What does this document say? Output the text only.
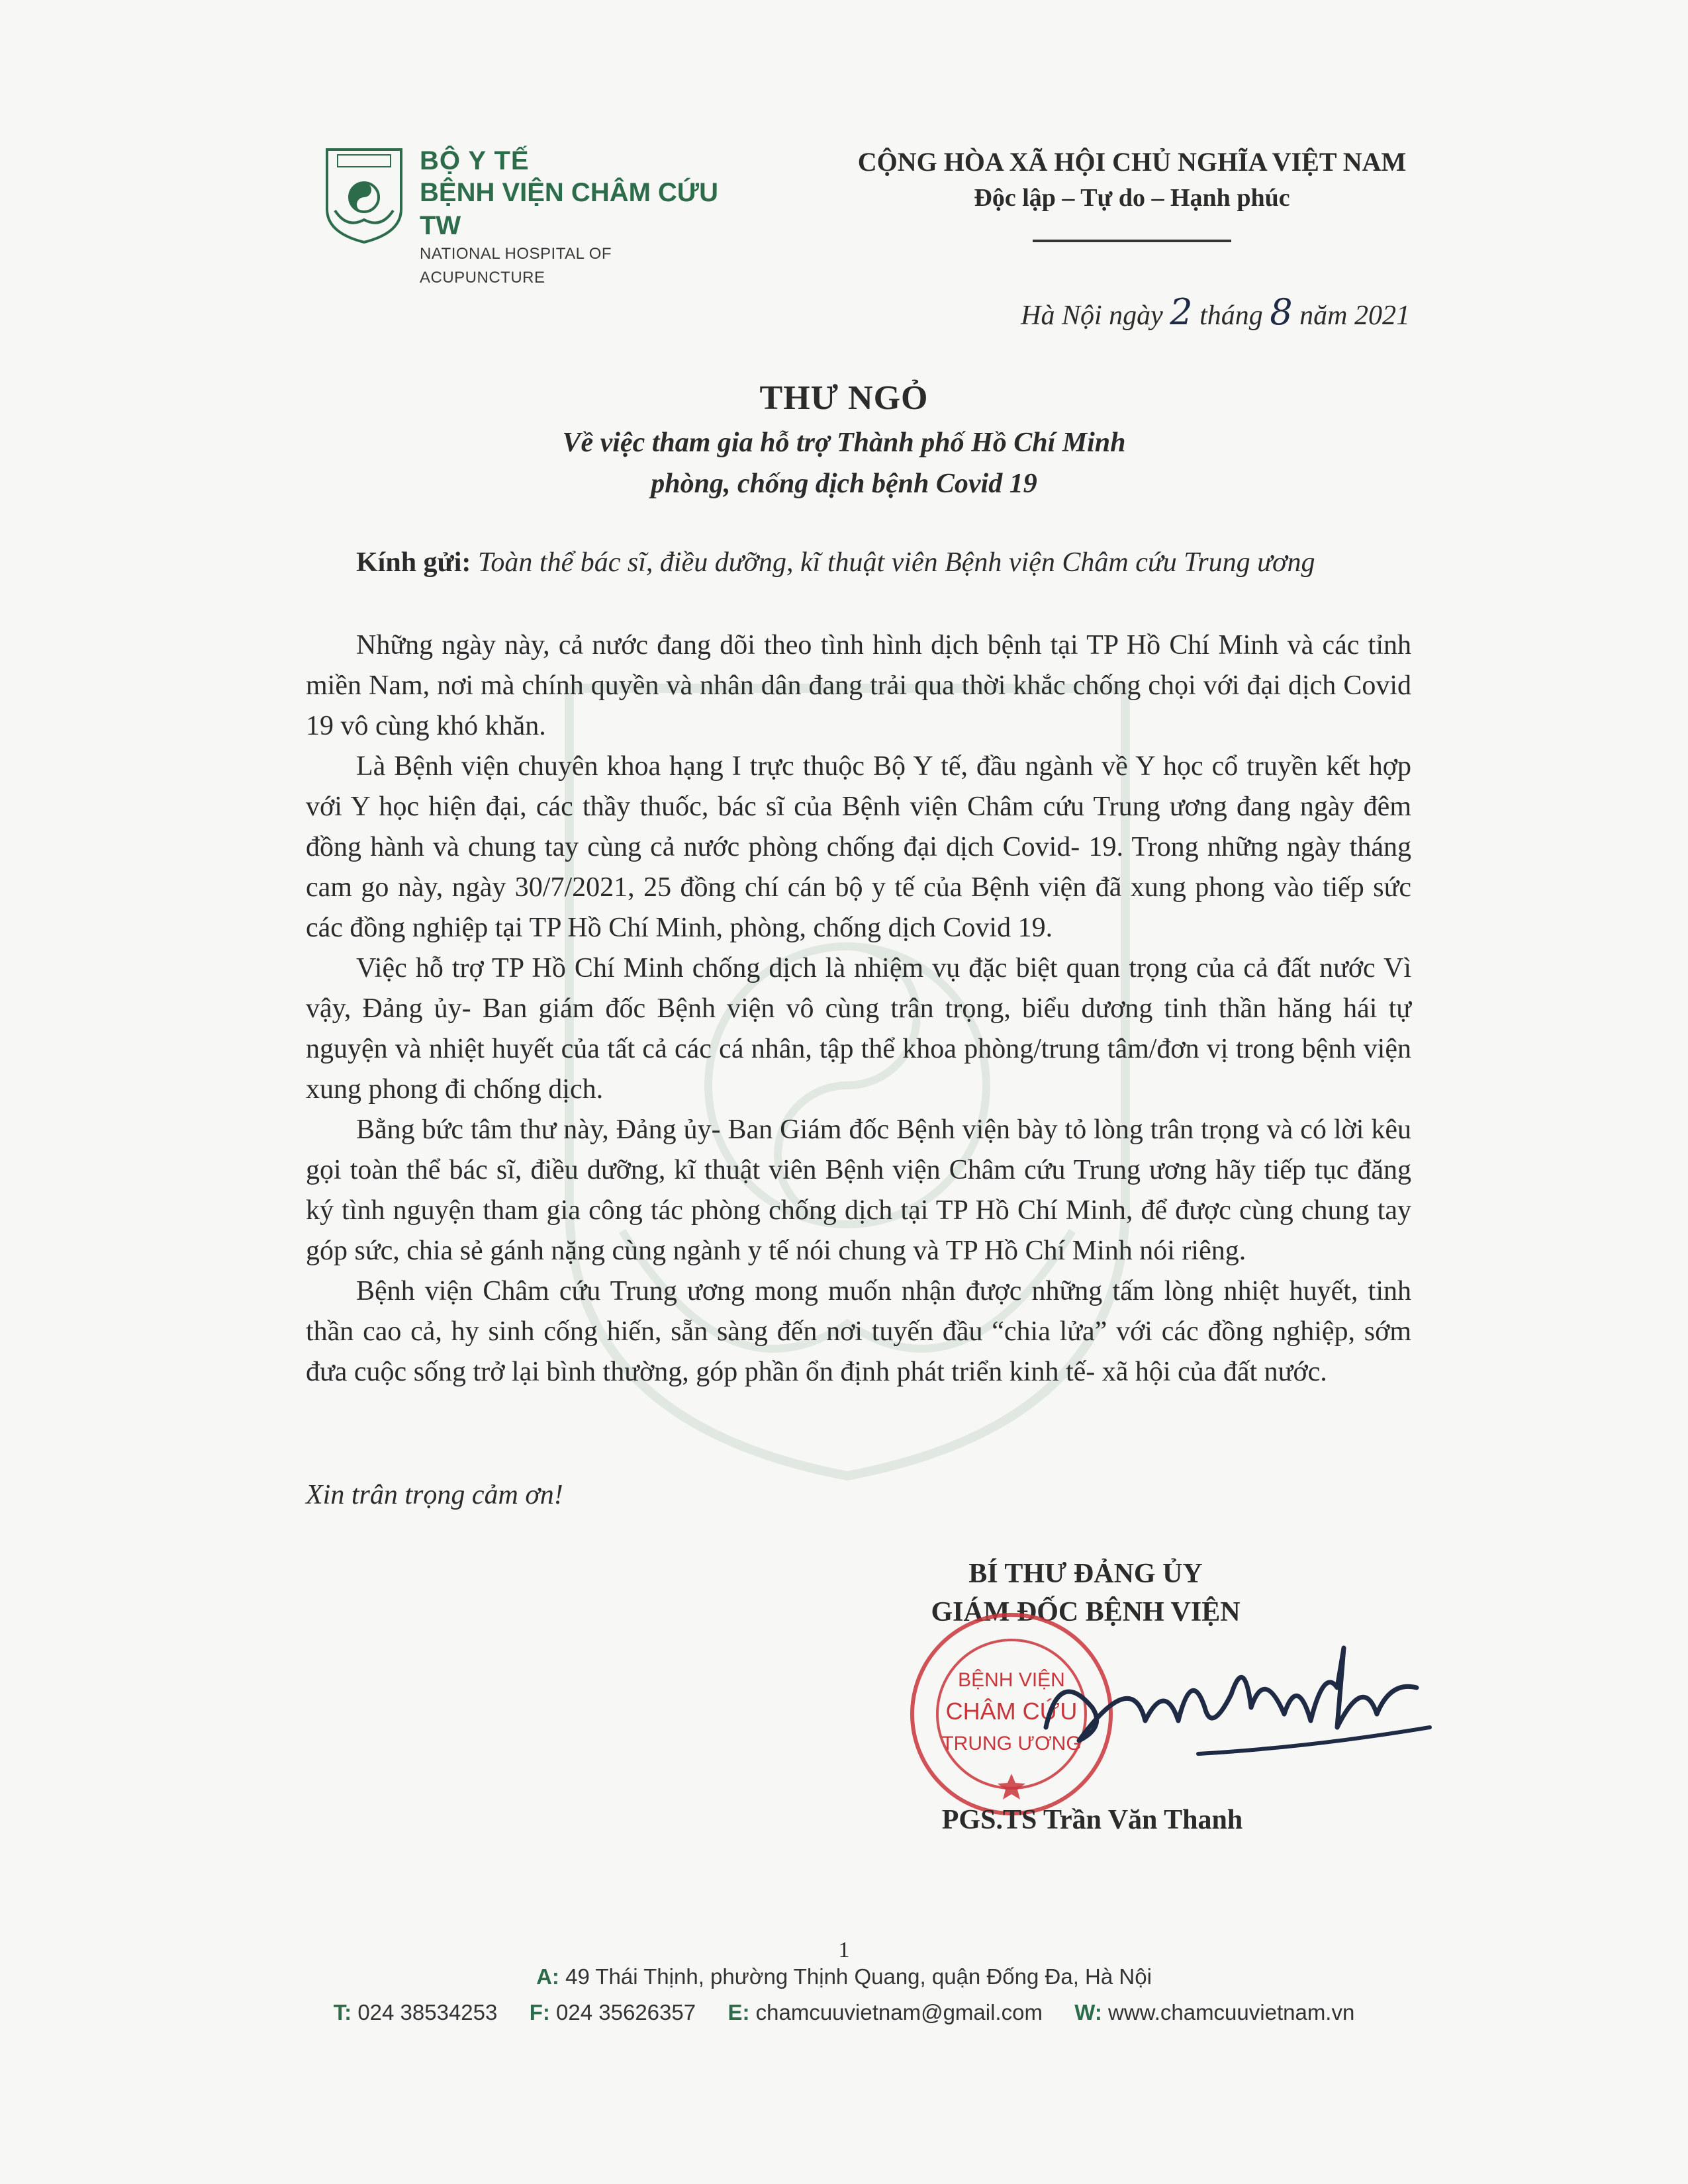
BỘ Y TẾ
BỆNH VIỆN CHÂM CỨU TW
NATIONAL HOSPITAL OF ACUPUNCTURE
CỘNG HÒA XÃ HỘI CHỦ NGHĨA VIỆT NAM
Độc lập – Tự do – Hạnh phúc
Hà Nội ngày 2 tháng 8 năm 2021
THƯ NGỎ
Về việc tham gia hỗ trợ Thành phố Hồ Chí Minh
phòng, chống dịch bệnh Covid 19
Kính gửi: Toàn thể bác sĩ, điều dưỡng, kĩ thuật viên Bệnh viện Châm cứu Trung ương

Những ngày này, cả nước đang dõi theo tình hình dịch bệnh tại TP Hồ Chí Minh và các tỉnh miền Nam, nơi mà chính quyền và nhân dân đang trải qua thời khắc chống chọi với đại dịch Covid 19 vô cùng khó khăn.

Là Bệnh viện chuyên khoa hạng I trực thuộc Bộ Y tế, đầu ngành về Y học cổ truyền kết hợp với Y học hiện đại, các thầy thuốc, bác sĩ của Bệnh viện Châm cứu Trung ương đang ngày đêm đồng hành và chung tay cùng cả nước phòng chống đại dịch Covid- 19. Trong những ngày tháng cam go này, ngày 30/7/2021, 25 đồng chí cán bộ y tế của Bệnh viện đã xung phong vào tiếp sức các đồng nghiệp tại TP Hồ Chí Minh, phòng, chống dịch Covid 19.

Việc hỗ trợ TP Hồ Chí Minh chống dịch là nhiệm vụ đặc biệt quan trọng của cả đất nước Vì vậy, Đảng ủy- Ban giám đốc Bệnh viện vô cùng trân trọng, biểu dương tinh thần hăng hái tự nguyện và nhiệt huyết của tất cả các cá nhân, tập thể khoa phòng/trung tâm/đơn vị trong bệnh viện xung phong đi chống dịch.

Bằng bức tâm thư này, Đảng ủy- Ban Giám đốc Bệnh viện bày tỏ lòng trân trọng và có lời kêu gọi toàn thể bác sĩ, điều dưỡng, kĩ thuật viên Bệnh viện Châm cứu Trung ương hãy tiếp tục đăng ký tình nguyện tham gia công tác phòng chống dịch tại TP Hồ Chí Minh, để được cùng chung tay góp sức, chia sẻ gánh nặng cùng ngành y tế nói chung và TP Hồ Chí Minh nói riêng.

Bệnh viện Châm cứu Trung ương mong muốn nhận được những tấm lòng nhiệt huyết, tinh thần cao cả, hy sinh cống hiến, sẵn sàng đến nơi tuyến đầu “chia lửa” với các đồng nghiệp, sớm đưa cuộc sống trở lại bình thường, góp phần ổn định phát triển kinh tế- xã hội của đất nước.

Xin trân trọng cảm ơn!
BÍ THƯ ĐẢNG ỦY
GIÁM ĐỐC BỆNH VIỆN
BỆNH VIỆN
CHÂM CỨU
TRUNG ƯƠNG
PGS.TS Trần Văn Thanh
1
A: 49 Thái Thịnh, phường Thịnh Quang, quận Đống Đa, Hà Nội
T: 024 38534253 F: 024 35626357 E: chamcuuvietnam@gmail.com W: www.chamcuuvietnam.vn
